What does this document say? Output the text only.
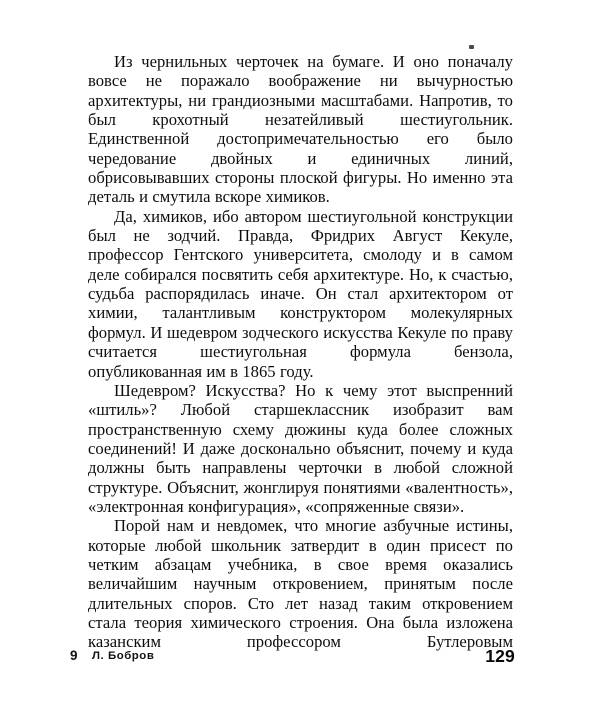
Из чернильных черточек на бумаге. И оно поначалу вовсе не поражало воображение ни вычурностью архитектуры, ни грандиозными масштабами. Напротив, то был крохотный незатейливый шестиугольник. Единственной достопримечательностью его было чередование двойных и единичных линий, обрисовывавших стороны плоской фигуры. Но именно эта деталь и смутила вскоре химиков.

Да, химиков, ибо автором шестиугольной конструкции был не зодчий. Правда, Фридрих Август Кекуле, профессор Гентского университета, смолоду и в самом деле собирался посвятить себя архитектуре. Но, к счастью, судьба распорядилась иначе. Он стал архитектором от химии, талантливым конструктором молекулярных формул. И шедевром зодческого искусства Кекуле по праву считается шестиугольная формула бензола, опубликованная им в 1865 году.

Шедевром? Искусства? Но к чему этот выспренний «штиль»? Любой старшеклассник изобразит вам пространственную схему дюжины куда более сложных соединений! И даже досконально объяснит, почему и куда должны быть направлены черточки в любой сложной структуре. Объяснит, жонглируя понятиями «валентность», «электронная конфигурация», «сопряженные связи».

Порой нам и невдомек, что многие азбучные истины, которые любой школьник затвердит в один присест по четким абзацам учебника, в свое время оказались величайшим научным откровением, принятым после длительных споров. Сто лет назад таким откровением стала теория химического строения. Она была изложена казанским профессором Бутлеровым

9 Л. Бобров	129
